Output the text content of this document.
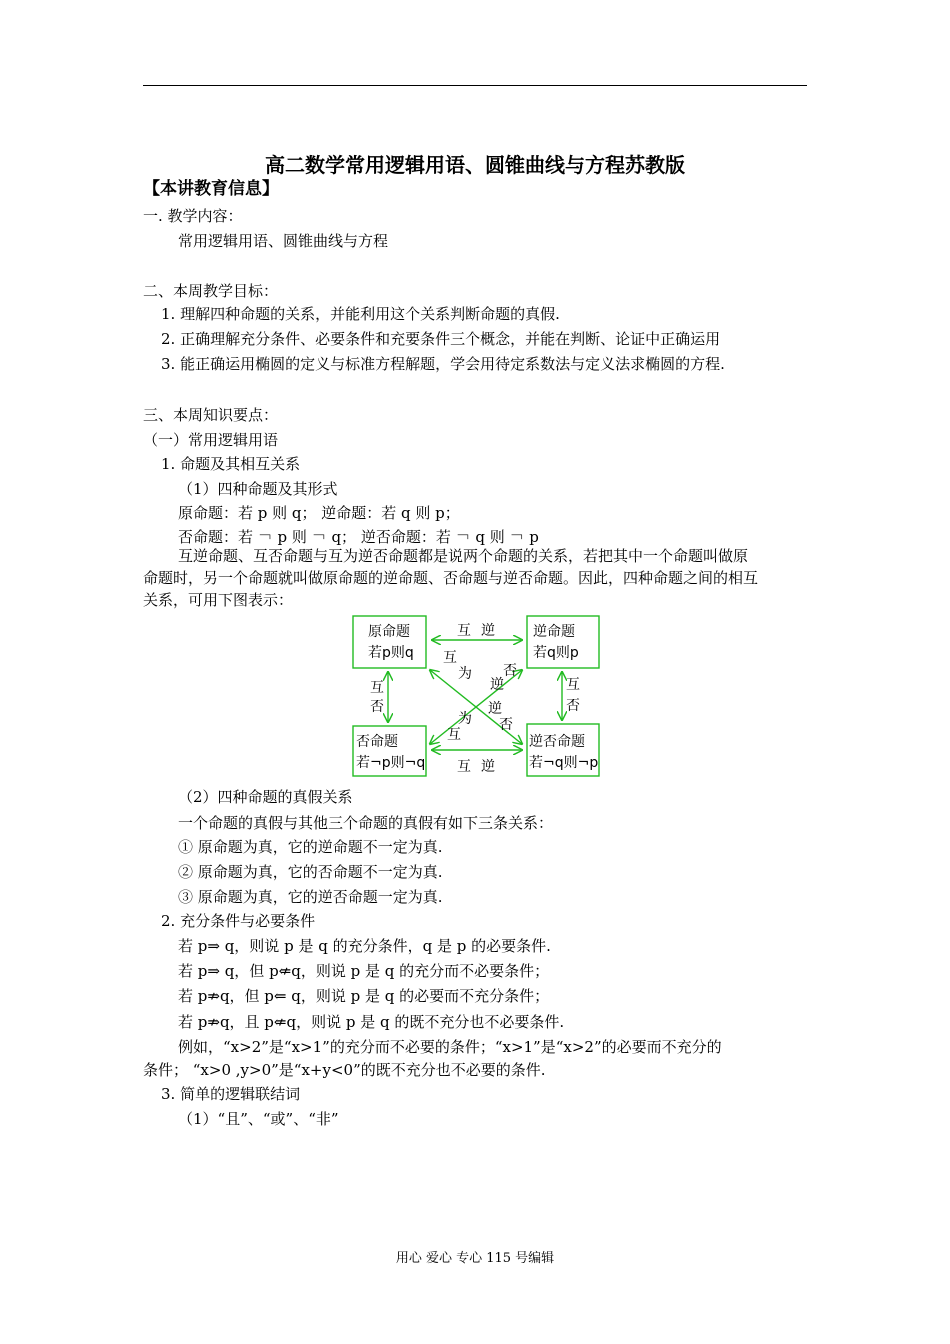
高二数学常用逻辑用语、圆锥曲线与方程苏教版
【本讲教育信息】
一. 教学内容：
常用逻辑用语、圆锥曲线与方程
二、本周教学目标：
1. 理解四种命题的关系，并能利用这个关系判断命题的真假.
2. 正确理解充分条件、必要条件和充要条件三个概念，并能在判断、论证中正确运用
3. 能正确运用椭圆的定义与标准方程解题，学会用待定系数法与定义法求椭圆的方程.
三、本周知识要点：
（一）常用逻辑用语
1. 命题及其相互关系
（1）四种命题及其形式
原命题：若 p 则 q； 逆命题：若 q 则 p；
否命题：若 ￢ p 则 ￢ q； 逆否命题：若 ￢ q 则 ￢ p
互逆命题、互否命题与互为逆否命题都是说两个命题的关系，若把其中一个命题叫做原
命题时，另一个命题就叫做原命题的逆命题、否命题与逆否命题。因此，四种命题之间的相互
关系，可用下图表示：
原命题
若p则q
逆命题
若q则p
否命题
若¬p则¬q
逆否命题
若¬q则¬p
互 逆
互 逆
互
否
互
否
互
为
为
互
否
逆
逆
否
（2）四种命题的真假关系
一个命题的真假与其他三个命题的真假有如下三条关系：
① 原命题为真，它的逆命题不一定为真.
② 原命题为真，它的否命题不一定为真.
③ 原命题为真，它的逆否命题一定为真.
2. 充分条件与必要条件
若 p⇒ q，则说 p 是 q 的充分条件，q 是 p 的必要条件.
若 p⇒ q，但 p⇍q，则说 p 是 q 的充分而不必要条件；
若 p⇏q，但 p⇐ q，则说 p 是 q 的必要而不充分条件；
若 p⇏q，且 p⇍q，则说 p 是 q 的既不充分也不必要条件.
例如，“x>2”是“x>1”的充分而不必要的条件；“x>1”是“x>2”的必要而不充分的
条件； “x>0 ,y>0”是“x+y<0”的既不充分也不必要的条件.
3. 简单的逻辑联结词
（1）“且”、“或”、“非”
用心 爱心 专心 115 号编辑
